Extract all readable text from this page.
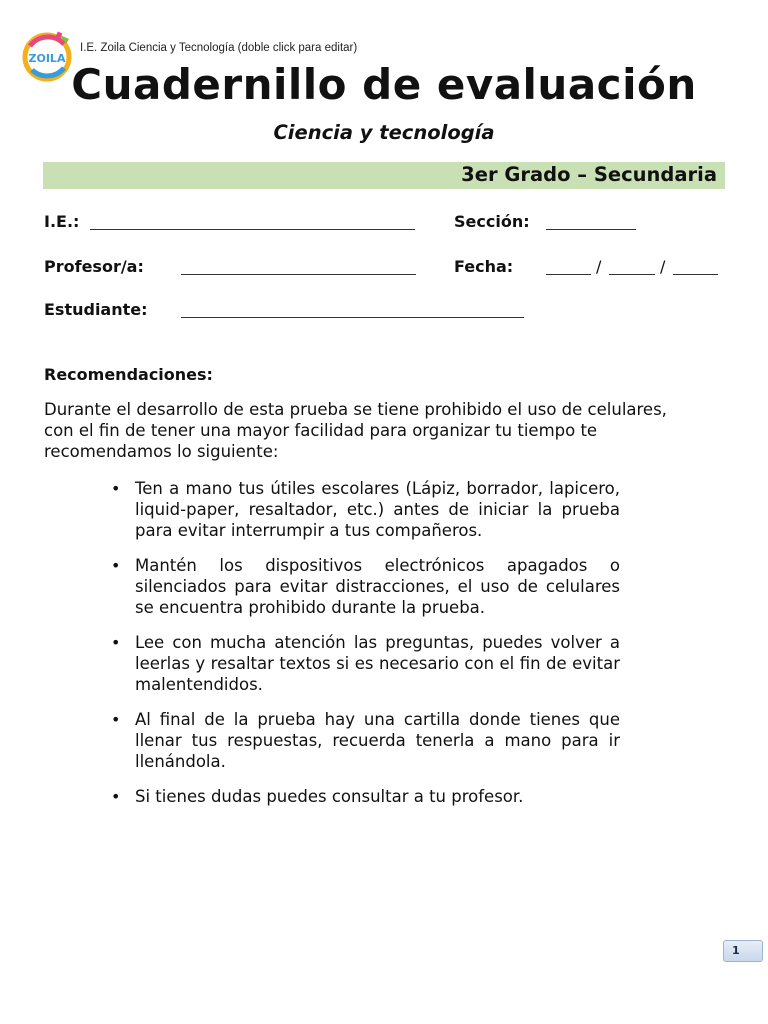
ZOILA
I.E. Zoila Ciencia y Tecnología (doble click para editar)
Cuadernillo de evaluación
Ciencia y tecnología
3er Grado – Secundaria
I.E.:	Sección:
Profesor/a:	Fecha:	/	/
Estudiante:
Recomendaciones:
Durante el desarrollo de esta prueba se tiene prohibido el uso de celulares,
con el fin de tener una mayor facilidad para organizar tu tiempo te
recomendamos lo siguiente:
• Ten a mano tus útiles escolares (Lápiz, borrador, lapicero, liquid-paper, resaltador, etc.) antes de iniciar la prueba para evitar interrumpir a tus compañeros.
• Mantén los dispositivos electrónicos apagados o silenciados para evitar distracciones, el uso de celulares se encuentra prohibido durante la prueba.
• Lee con mucha atención las preguntas, puedes volver a leerlas y resaltar textos si es necesario con el fin de evitar malentendidos.
• Al final de la prueba hay una cartilla donde tienes que llenar tus respuestas, recuerda tenerla a mano para ir llenándola.
• Si tienes dudas puedes consultar a tu profesor.
1
